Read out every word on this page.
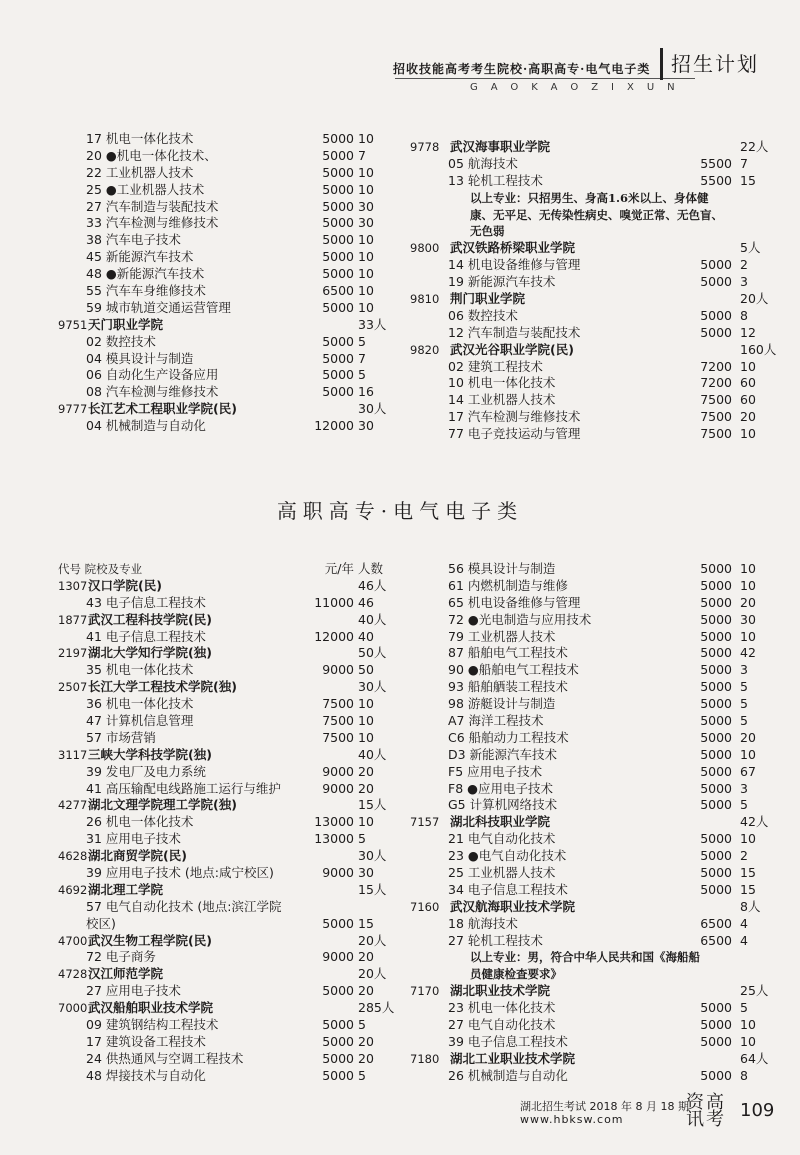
招收技能高考考生院校·高职高专·电气电子类
GAOKAOZIXUN
招生计划
17 机电一体化技术	5000 10
20 ●机电一体化技术、	5000 7
22 工业机器人技术	5000 10
25 ●工业机器人技术	5000 10
27 汽车制造与装配技术	5000 30
33 汽车检测与维修技术	5000 30
38 汽车电子技术	5000 10
45 新能源汽车技术	5000 10
48 ●新能源汽车技术	5000 10
55 汽车车身维修技术	6500 10
59 城市轨道交通运营管理	5000 10
9751 天门职业学院	33人
02 数控技术	5000 5
04 模具设计与制造	5000 7
06 自动化生产设备应用	5000 5
08 汽车检测与维修技术	5000 16
9777 长江艺术工程职业学院(民)	30人
04 机械制造与自动化	12000 30
9778 武汉海事职业学院	22人
05 航海技术	5500 7
13 轮机工程技术	5500 15
以上专业：只招男生、身高1.6米以上、身体健
康、无平足、无传染性病史、嗅觉正常、无色盲、
无色弱
9800 武汉铁路桥梁职业学院	5人
14 机电设备维修与管理	5000 2
19 新能源汽车技术	5000 3
9810 荆门职业学院	20人
06 数控技术	5000 8
12 汽车制造与装配技术	5000 12
9820 武汉光谷职业学院(民)	160人
02 建筑工程技术	7200 10
10 机电一体化技术	7200 60
14 工业机器人技术	7500 60
17 汽车检测与维修技术	7500 20
77 电子竞技运动与管理	7500 10
高职高专·电气电子类
代号 院校及专业	元/年 人数
1307 汉口学院(民)	46人
43 电子信息工程技术	11000 46
1877 武汉工程科技学院(民)	40人
41 电子信息工程技术	12000 40
2197 湖北大学知行学院(独)	50人
35 机电一体化技术	9000 50
2507 长江大学工程技术学院(独)	30人
36 机电一体化技术	7500 10
47 计算机信息管理	7500 10
57 市场营销	7500 10
3117 三峡大学科技学院(独)	40人
39 发电厂及电力系统	9000 20
41 高压输配电线路施工运行与维护	9000 20
4277 湖北文理学院理工学院(独)	15人
26 机电一体化技术	13000 10
31 应用电子技术	13000 5
4628 湖北商贸学院(民)	30人
39 应用电子技术 (地点:咸宁校区)	9000 30
4692 湖北理工学院	15人
57 电气自动化技术 (地点:滨江学院
校区)	5000 15
4700 武汉生物工程学院(民)	20人
72 电子商务	9000 20
4728 汉江师范学院	20人
27 应用电子技术	5000 20
7000 武汉船舶职业技术学院	285人
09 建筑钢结构工程技术	5000 5
17 建筑设备工程技术	5000 20
24 供热通风与空调工程技术	5000 20
48 焊接技术与自动化	5000 5
56 模具设计与制造	5000 10
61 内燃机制造与维修	5000 10
65 机电设备维修与管理	5000 20
72 ●光电制造与应用技术	5000 30
79 工业机器人技术	5000 10
87 船舶电气工程技术	5000 42
90 ●船舶电气工程技术	5000 3
93 船舶舾装工程技术	5000 5
98 游艇设计与制造	5000 5
A7 海洋工程技术	5000 5
C6 船舶动力工程技术	5000 20
D3 新能源汽车技术	5000 10
F5 应用电子技术	5000 67
F8 ●应用电子技术	5000 3
G5 计算机网络技术	5000 5
7157 湖北科技职业学院	42人
21 电气自动化技术	5000 10
23 ●电气自动化技术	5000 2
25 工业机器人技术	5000 15
34 电子信息工程技术	5000 15
7160 武汉航海职业技术学院	8人
18 航海技术	6500 4
27 轮机工程技术	6500 4
以上专业：男，符合中华人民共和国《海船船
员健康检查要求》
7170 湖北职业技术学院	25人
23 机电一体化技术	5000 5
27 电气自动化技术	5000 10
39 电子信息工程技术	5000 10
7180 湖北工业职业技术学院	64人
26 机械制造与自动化	5000 8
湖北招生考试 2018 年 8 月 18 期
www.hbksw.com
资高讯考 109
